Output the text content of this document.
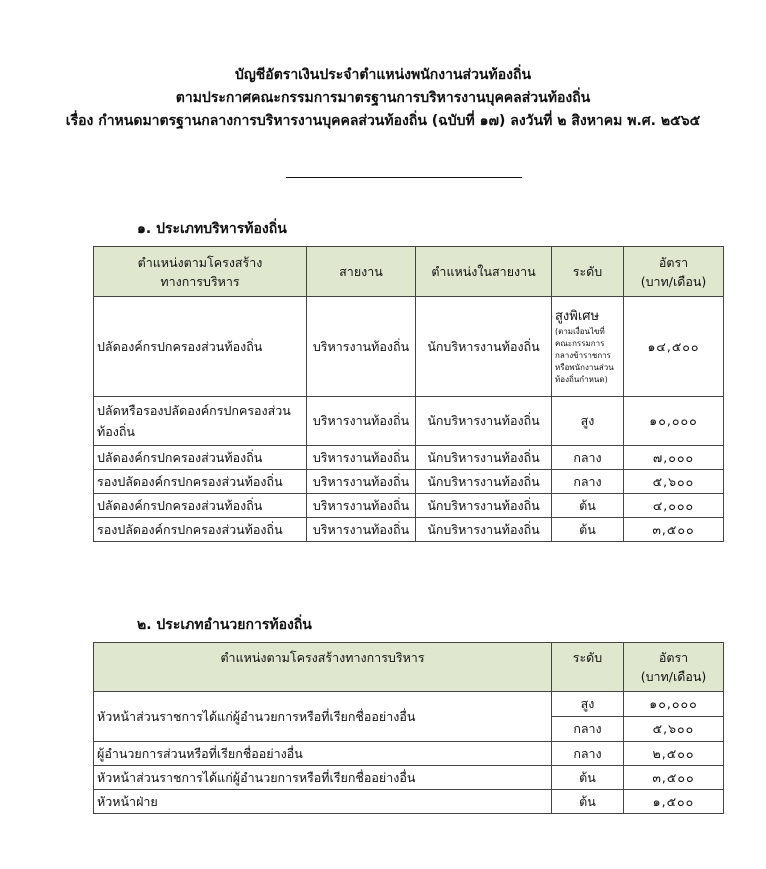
บัญชีอัตราเงินประจำตำแหน่งพนักงานส่วนท้องถิ่น
ตามประกาศคณะกรรมการมาตรฐานการบริหารงานบุคคลส่วนท้องถิ่น
เรื่อง กำหนดมาตรฐานกลางการบริหารงานบุคคลส่วนท้องถิ่น (ฉบับที่ ๑๗) ลงวันที่ ๒ สิงหาคม พ.ศ. ๒๕๖๕
๑. ประเภทบริหารท้องถิ่น
ตำแหน่งตามโครงสร้าง
ทางการบริหาร	สายงาน	ตำแหน่งในสายงาน	ระดับ	อัตรา
(บาท/เดือน)

ปลัดองค์กรปกครองส่วนท้องถิ่น	บริหารงานท้องถิ่น	นักบริหารงานท้องถิ่น	สูงพิเศษ
(ตามเงื่อนไขที่คณะกรรมการกลางข้าราชการหรือพนักงานส่วนท้องถิ่นกำหนด)	๑๔,๕๐๐
ปลัดหรือรองปลัดองค์กรปกครองส่วนท้องถิ่น	บริหารงานท้องถิ่น	นักบริหารงานท้องถิ่น	สูง	๑๐,๐๐๐
ปลัดองค์กรปกครองส่วนท้องถิ่น	บริหารงานท้องถิ่น	นักบริหารงานท้องถิ่น	กลาง	๗,๐๐๐
รองปลัดองค์กรปกครองส่วนท้องถิ่น	บริหารงานท้องถิ่น	นักบริหารงานท้องถิ่น	กลาง	๕,๖๐๐
ปลัดองค์กรปกครองส่วนท้องถิ่น	บริหารงานท้องถิ่น	นักบริหารงานท้องถิ่น	ต้น	๔,๐๐๐
รองปลัดองค์กรปกครองส่วนท้องถิ่น	บริหารงานท้องถิ่น	นักบริหารงานท้องถิ่น	ต้น	๓,๕๐๐
๒. ประเภทอำนวยการท้องถิ่น
ตำแหน่งตามโครงสร้างทางการบริหาร	ระดับ	อัตรา
(บาท/เดือน)

หัวหน้าส่วนราชการได้แก่ผู้อำนวยการหรือที่เรียกชื่ออย่างอื่น	สูง	๑๐,๐๐๐
	กลาง	๕,๖๐๐
ผู้อำนวยการส่วนหรือที่เรียกชื่ออย่างอื่น	กลาง	๒,๕๐๐
หัวหน้าส่วนราชการได้แก่ผู้อำนวยการหรือที่เรียกชื่ออย่างอื่น	ต้น	๓,๕๐๐
หัวหน้าฝ่าย	ต้น	๑,๕๐๐
